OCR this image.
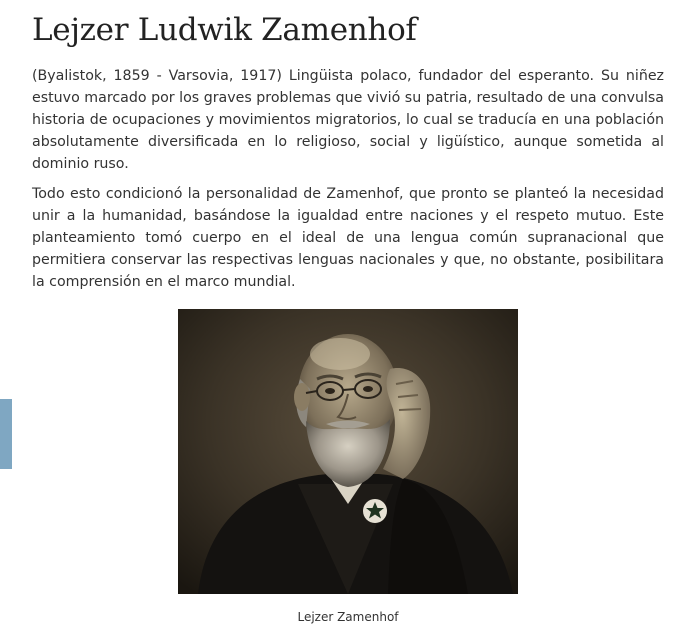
Lejzer Ludwik Zamenhof

(Byalistok, 1859 - Varsovia, 1917) Lingüista polaco, fundador del esperanto. Su niñez estuvo marcado por los graves problemas que vivió su patria, resultado de una convulsa historia de ocupaciones y movimientos migratorios, lo cual se traducía en una población absolutamente diversificada en lo religioso, social y ligüístico, aunque sometida al dominio ruso.

Todo esto condicionó la personalidad de Zamenhof, que pronto se planteó la necesidad unir a la humanidad, basándose la igualdad entre naciones y el respeto mutuo. Este planteamiento tomó cuerpo en el ideal de una lengua común supranacional que permitiera conservar las respectivas lenguas nacionales y que, no obstante, posibilitara la comprensión en el marco mundial.

Lejzer Zamenhof
